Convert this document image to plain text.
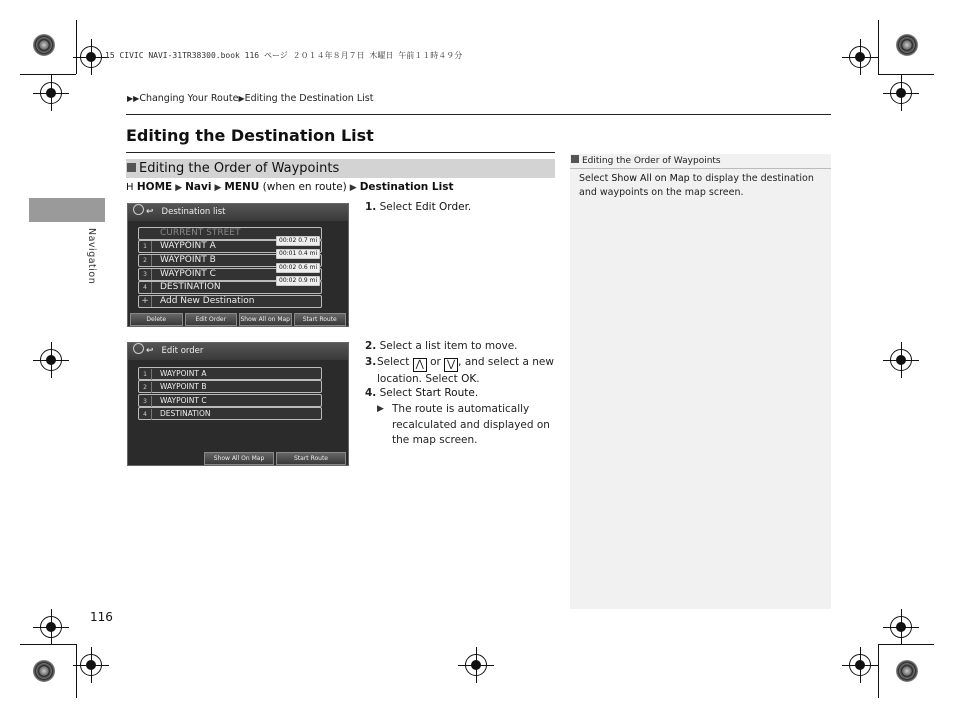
15 CIVIC NAVI-31TR38300.book 116 ページ ２０１４年８月７日 木曜日 午前１１時４９分
▶▶Changing Your Route▶Editing the Destination List
Editing the Destination List
Editing the Order of Waypoints
H HOME ▶ Navi ▶ MENU (when en route) ▶ Destination List
Navigation
↩ Destination list
CURRENT STREET
1 WAYPOINT A
00:02 0.7 mi
2 WAYPOINT B
00:01 0.4 mi
3 WAYPOINT C
00:02 0.6 mi
4 DESTINATION
00:02 0.9 mi
+ Add New Destination
Delete	Edit Order	Show All on Map	Start Route
↩ Edit order
1 WAYPOINT A
2 WAYPOINT B
3 WAYPOINT C
4 DESTINATION
Show All On Map	Start Route
1. Select Edit Order.
2. Select a list item to move.
3. Select ⋀ or ⋁ , and select a new location. Select OK.
4. Select Start Route.
▶ The route is automatically recalculated and displayed on the map screen.
Editing the Order of Waypoints
Select Show All on Map to display the destination and waypoints on the map screen.
116
